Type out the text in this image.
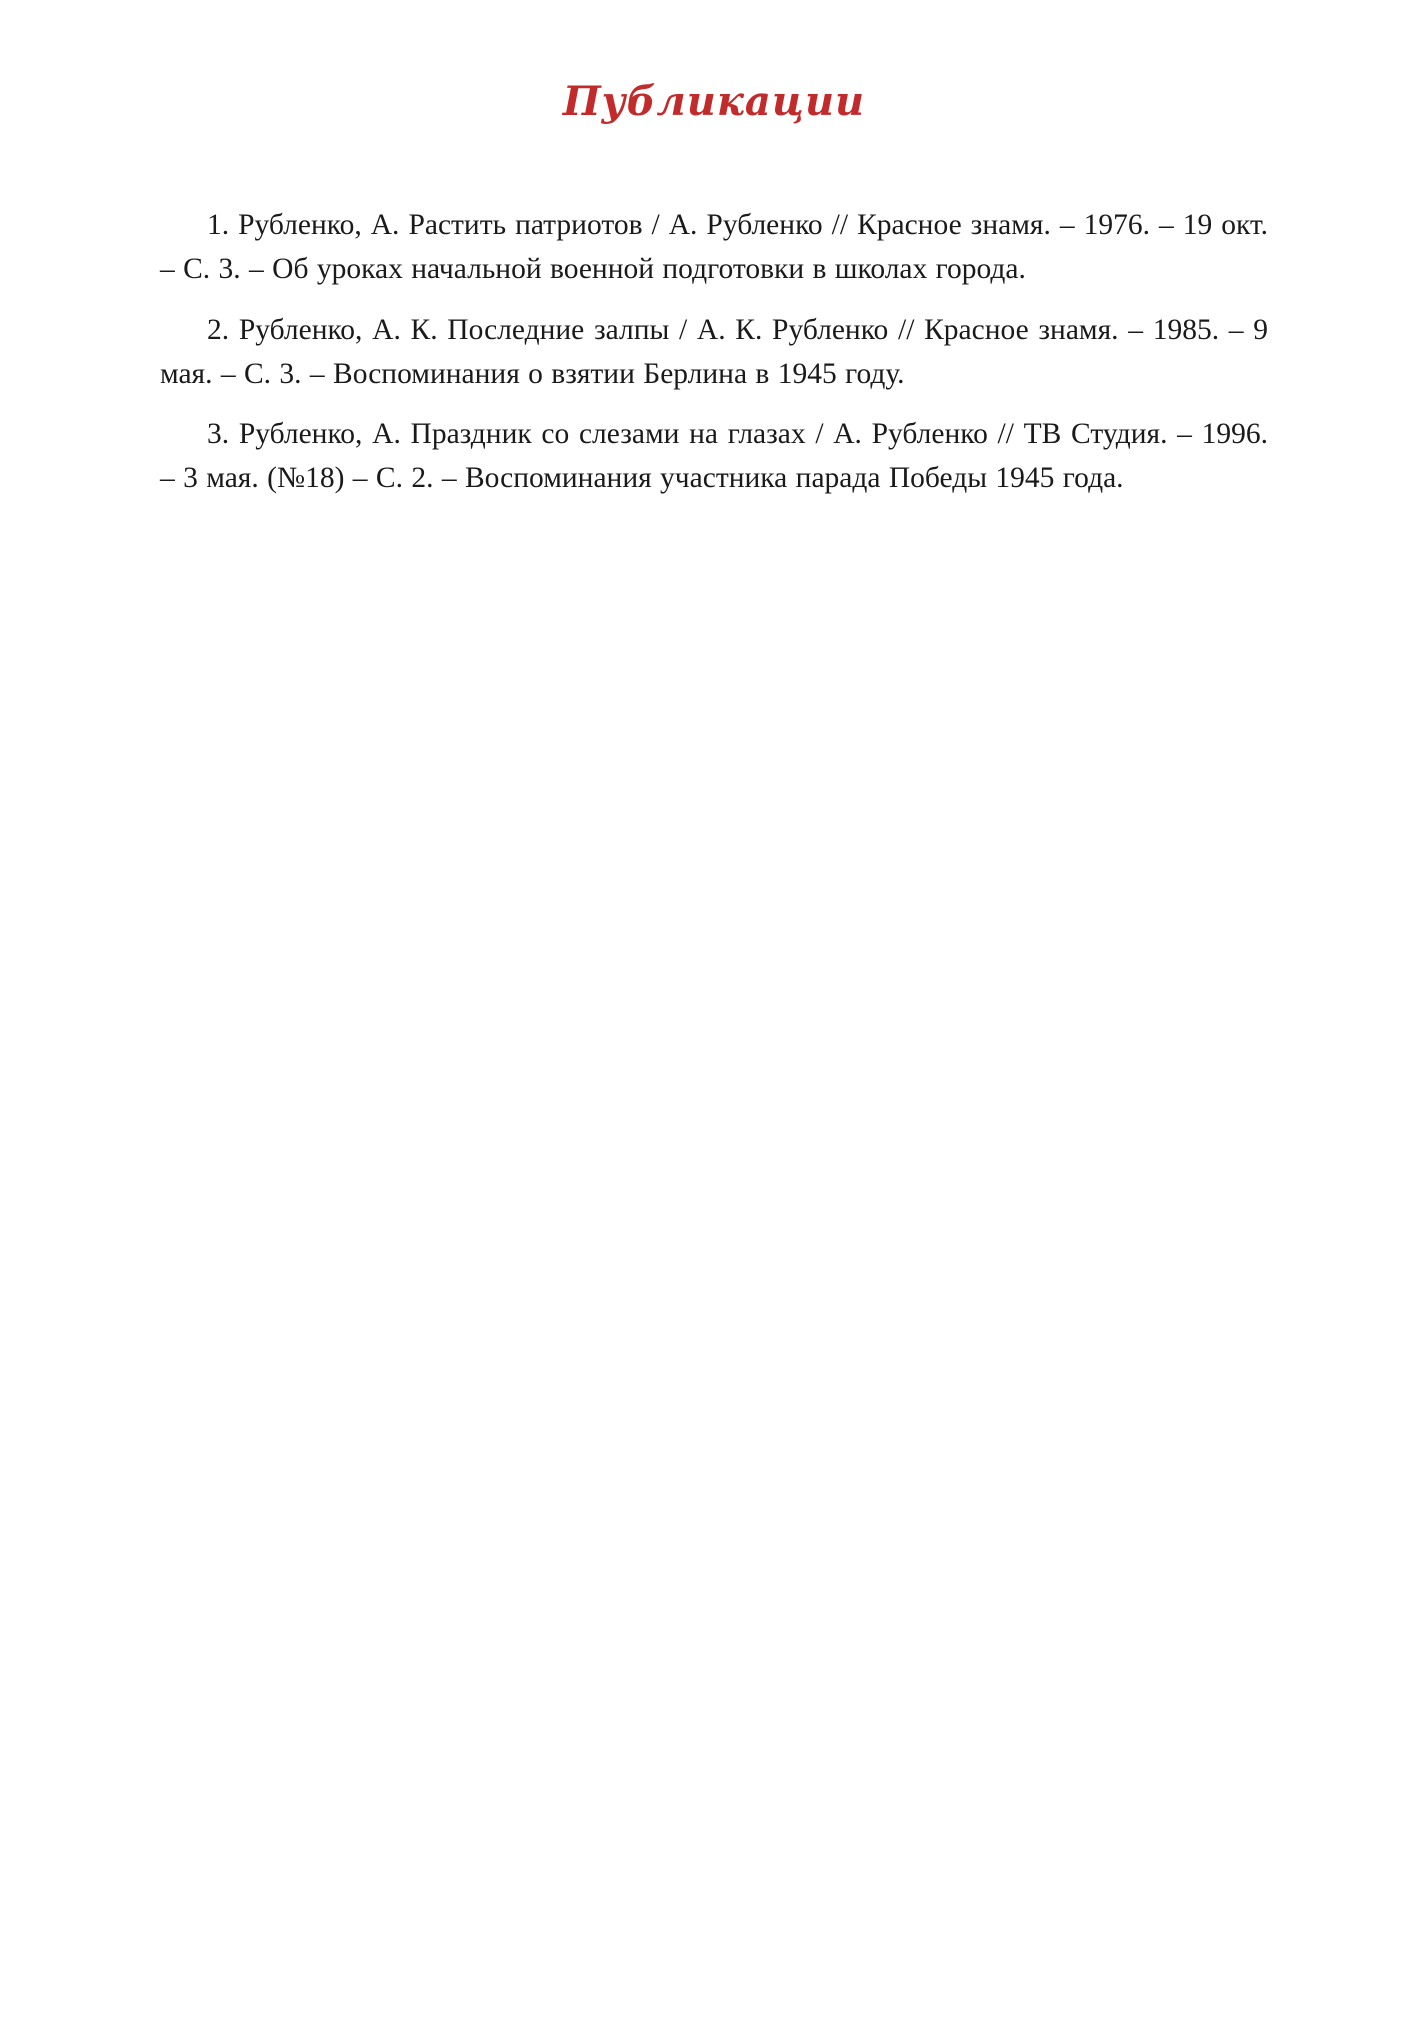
Публикации

1. Рубленко, А. Растить патриотов / А. Рубленко // Красное знамя. – 1976. – 19 окт. – С. 3. – Об уроках начальной военной подготовки в школах города.

2. Рубленко, А. К. Последние залпы / А. К. Рубленко // Красное знамя. – 1985. – 9 мая. – С. 3. – Воспоминания о взятии Берлина в 1945 году.

3. Рубленко, А. Праздник со слезами на глазах / А. Рубленко // ТВ Студия. – 1996. – 3 мая. (№18) – С. 2. – Воспоминания участника парада Победы 1945 года.
